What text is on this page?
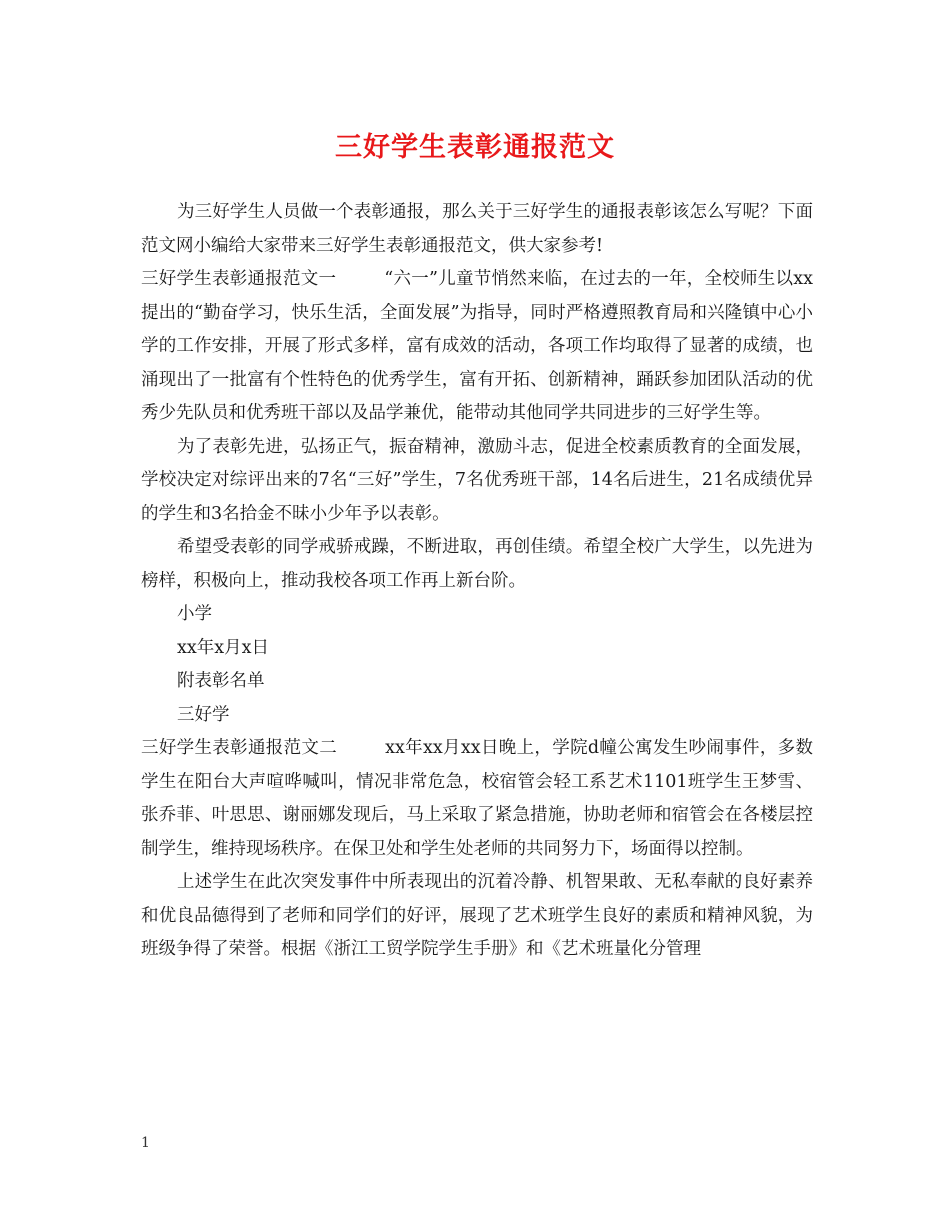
三好学生表彰通报范文

为三好学生人员做一个表彰通报，那么关于三好学生的通报表彰该怎么写呢？下面范文网小编给大家带来三好学生表彰通报范文，供大家参考!

三好学生表彰通报范文一	“六一”儿童节悄然来临，在过去的一年，全校师生以xx提出的“勤奋学习，快乐生活，全面发展”为指导，同时严格遵照教育局和兴隆镇中心小学的工作安排，开展了形式多样，富有成效的活动，各项工作均取得了显著的成绩，也涌现出了一批富有个性特色的优秀学生，富有开拓、创新精神，踊跃参加团队活动的优秀少先队员和优秀班干部以及品学兼优，能带动其他同学共同进步的三好学生等。

为了表彰先进，弘扬正气，振奋精神，激励斗志，促进全校素质教育的全面发展，学校决定对综评出来的7名“三好”学生，7名优秀班干部，14名后进生，21名成绩优异的学生和3名拾金不昧小少年予以表彰。

希望受表彰的同学戒骄戒躁，不断进取，再创佳绩。希望全校广大学生，以先进为榜样，积极向上，推动我校各项工作再上新台阶。

小学

xx年x月x日

附表彰名单

三好学

三好学生表彰通报范文二	xx年xx月xx日晚上，学院d幢公寓发生吵闹事件，多数学生在阳台大声喧哗喊叫，情况非常危急，校宿管会轻工系艺术1101班学生王梦雪、张乔菲、叶思思、谢丽娜发现后，马上采取了紧急措施，协助老师和宿管会在各楼层控制学生，维持现场秩序。在保卫处和学生处老师的共同努力下，场面得以控制。

上述学生在此次突发事件中所表现出的沉着冷静、机智果敢、无私奉献的良好素养和优良品德得到了老师和同学们的好评，展现了艺术班学生良好的素质和精神风貌，为班级争得了荣誉。根据《浙江工贸学院学生手册》和《艺术班量化分管理

1
